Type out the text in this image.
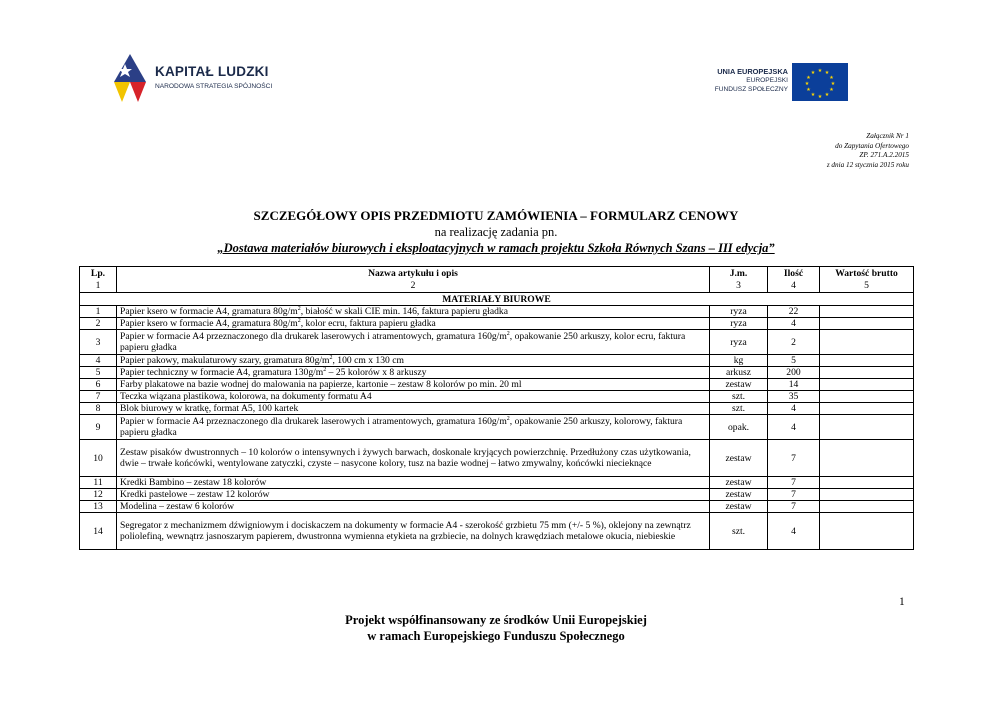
KAPITAŁ LUDZKI
NARODOWA STRATEGIA SPÓJNOŚCI
UNIA EUROPEJSKA
EUROPEJSKI
FUNDUSZ SPOŁECZNY
★ ★
★
★
★
★
★
★
★
★
★
★
Załącznik Nr 1
do Zapytania Ofertowego
ZP. 271.A.2.2015
z dnia 12 stycznia 2015 roku
SZCZEGÓŁOWY OPIS PRZEDMIOTU ZAMÓWIENIA – FORMULARZ CENOWY
na realizację zadania pn.
„Dostawa materiałów biurowych i eksploatacyjnych w ramach projektu Szkoła Równych Szans – III edycja”
Lp.	Nazwa artykułu i opis	J.m.	Ilość	Wartość brutto
1	2	3	4	5
MATERIAŁY BIUROWE				
1	Papier ksero w formacie A4, gramatura $80g/m^2$, białość w skali CIE min. 146, faktura papieru gładka	ryza	22	
2	Papier ksero w formacie A4, gramatura $80g/m^2$, kolor ecru, faktura papieru gładka	ryza	4	
3	Papier w formacie A4 przeznaczonego dla drukarek laserowych i atramentowych, gramatura $160g/m^2$, opakowanie 250 arkuszy, kolor ecru, faktura papieru gładka	ryza	2	
4	Papier pakowy, makulaturowy szary, gramatura $80g/m^2$, 100 cm x 130 cm	kg	5	
5	Papier techniczny w formacie A4, gramatura $130g/m^2 - 25$ kolorów x 8 arkuszy	arkusz	200	
6	Farby plakatowe na bazie wodnej do malowania na papierze, kartonie – zestaw 8 kolorów po min. 20 ml	zestaw	14	
7	Teczka wiązana plastikowa, kolorowa, na dokumenty formatu A4	szt.	35	
8	Blok biurowy w kratkę, format A5, 100 kartek	szt.	4	
9	Papier w formacie A4 przeznaczonego dla drukarek laserowych i atramentowych, gramatura $160g/m^2$, opakowanie 250 arkuszy, kolorowy, faktura papieru gładka	opak.	4	
10	Zestaw pisaków dwustronnych – 10 kolorów o intensywnych i żywych barwach, doskonale kryjących powierzchnię. Przedłużony czas użytkowania, dwie – trwałe końcówki, wentylowane zatyczki, czyste – nasycone kolory, tusz na bazie wodnej – łatwo zmywalny, końcówki niecieknące	zestaw	7	
11	Kredki Bambino – zestaw 18 kolorów	zestaw	7	
12	Kredki pastelowe – zestaw 12 kolorów	zestaw	7	
13	Modelina – zestaw 6 kolorów	zestaw	7	
14	Segregator z mechanizmem dźwigniowym i dociskaczem na dokumenty w formacie A4 - szerokość grzbietu 75 mm (+/- 5 %), oklejony na zewnątrz poliolefiną, wewnątrz jasnoszarym papierem, dwustronna wymienna etykieta na grzbiecie, na dolnych krawędziach metalowe okucia, niebieskie	szt.	4	
1
Projekt współfinansowany ze środków Unii Europejskiej
w ramach Europejskiego Funduszu Społecznego
